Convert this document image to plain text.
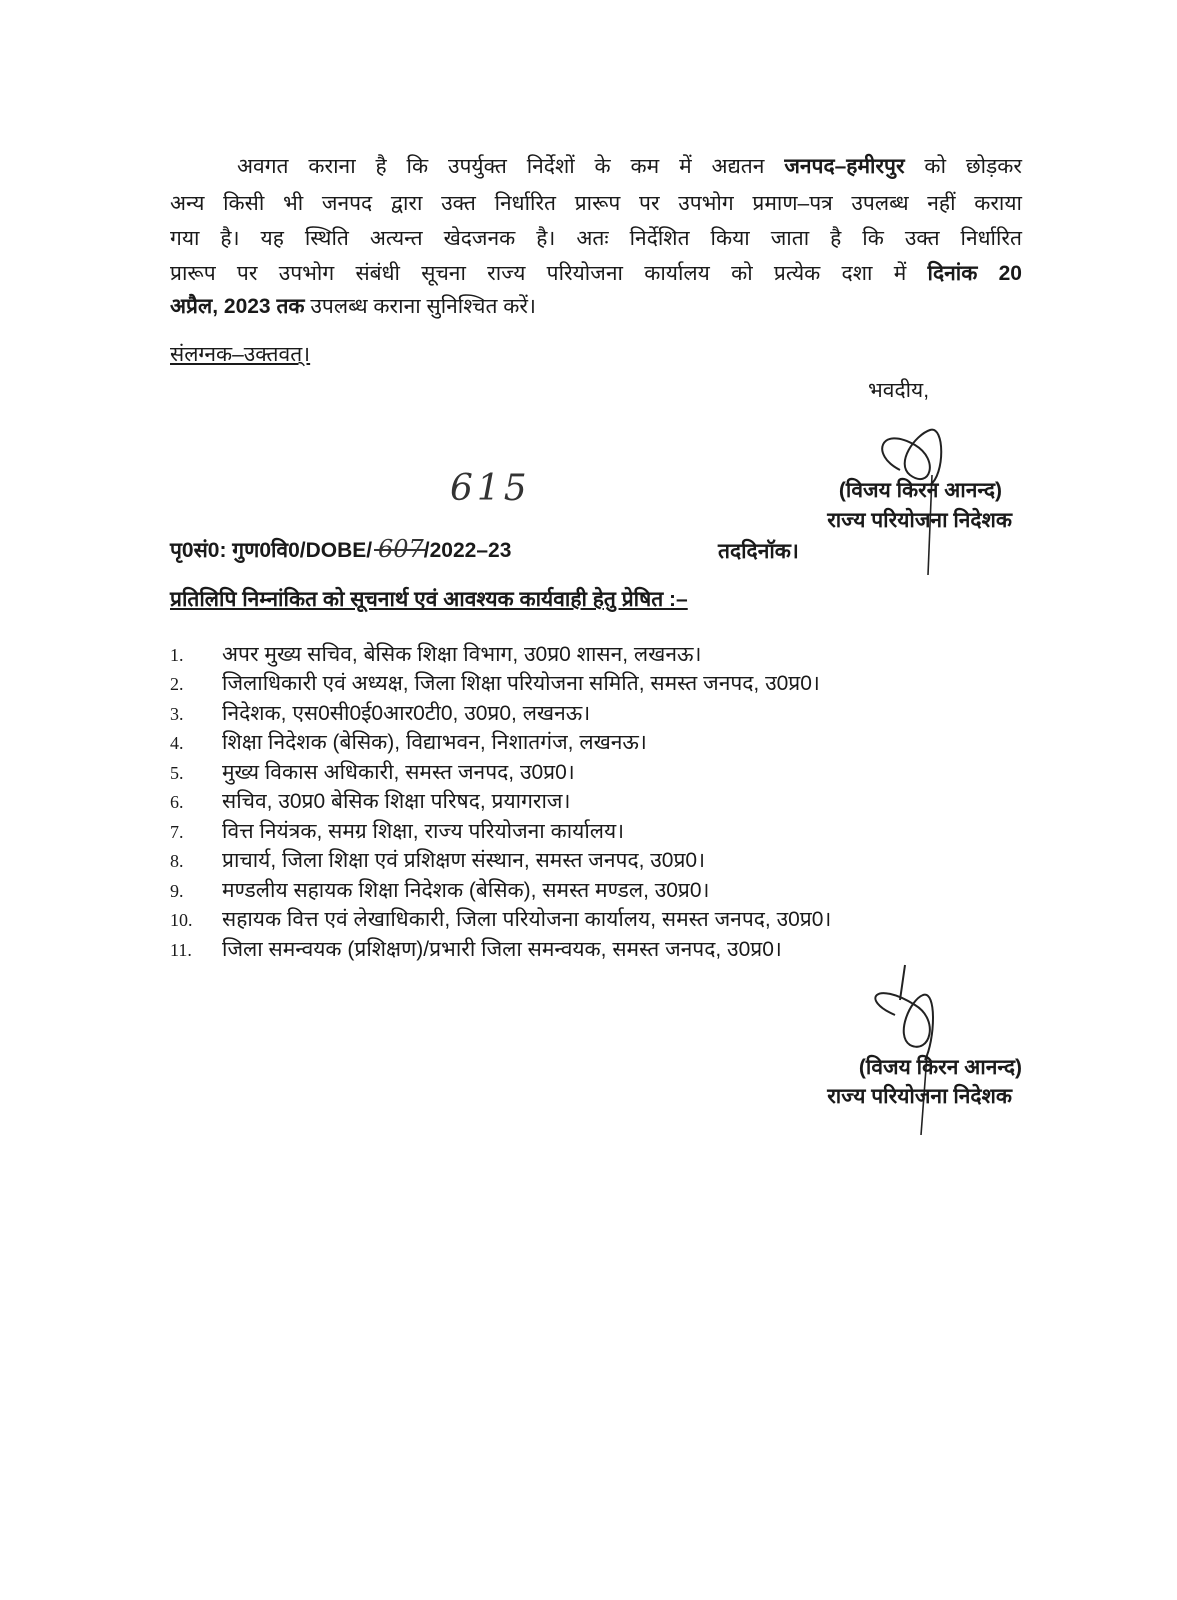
अवगत कराना है कि उपर्युक्त निर्देशों के कम में अद्यतन जनपद–हमीरपुर को छोड़कर
अन्य किसी भी जनपद द्वारा उक्त निर्धारित प्रारूप पर उपभोग प्रमाण–पत्र उपलब्ध नहीं कराया
गया है। यह स्थिति अत्यन्त खेदजनक है। अतः निर्देशित किया जाता है कि उक्त निर्धारित
प्रारूप पर उपभोग संबंधी सूचना राज्य परियोजना कार्यालय को प्रत्येक दशा में दिनांक 20
अप्रैल, 2023 तक उपलब्ध कराना सुनिश्चित करें।
संलग्नक–उक्तवत्।
भवदीय,
(विजय किरन आनन्द)
राज्य परियोजना निदेशक
पृ0सं0: गुण0वि0/DOBE/ 607
/2022–23
615
तददिनॉक।
प्रतिलिपि निम्नांकित को सूचनार्थ एवं आवश्यक कार्यवाही हेतु प्रेषित :–
1. अपर मुख्य सचिव, बेसिक शिक्षा विभाग, उ0प्र0 शासन, लखनऊ।
2. जिलाधिकारी एवं अध्यक्ष, जिला शिक्षा परियोजना समिति, समस्त जनपद, उ0प्र0।
3. निदेशक, एस0सी0ई0आर0टी0, उ0प्र0, लखनऊ।
4. शिक्षा निदेशक (बेसिक), विद्याभवन, निशातगंज, लखनऊ।
5. मुख्य विकास अधिकारी, समस्त जनपद, उ0प्र0।
6. सचिव, उ0प्र0 बेसिक शिक्षा परिषद, प्रयागराज।
7. वित्त नियंत्रक, समग्र शिक्षा, राज्य परियोजना कार्यालय।
8. प्राचार्य, जिला शिक्षा एवं प्रशिक्षण संस्थान, समस्त जनपद, उ0प्र0।
9. मण्डलीय सहायक शिक्षा निदेशक (बेसिक), समस्त मण्डल, उ0प्र0।
10. सहायक वित्त एवं लेखाधिकारी, जिला परियोजना कार्यालय, समस्त जनपद, उ0प्र0।
11. जिला समन्वयक (प्रशिक्षण)/प्रभारी जिला समन्वयक, समस्त जनपद, उ0प्र0।
(विजय किरन आनन्द)
राज्य परियोजना निदेशक
